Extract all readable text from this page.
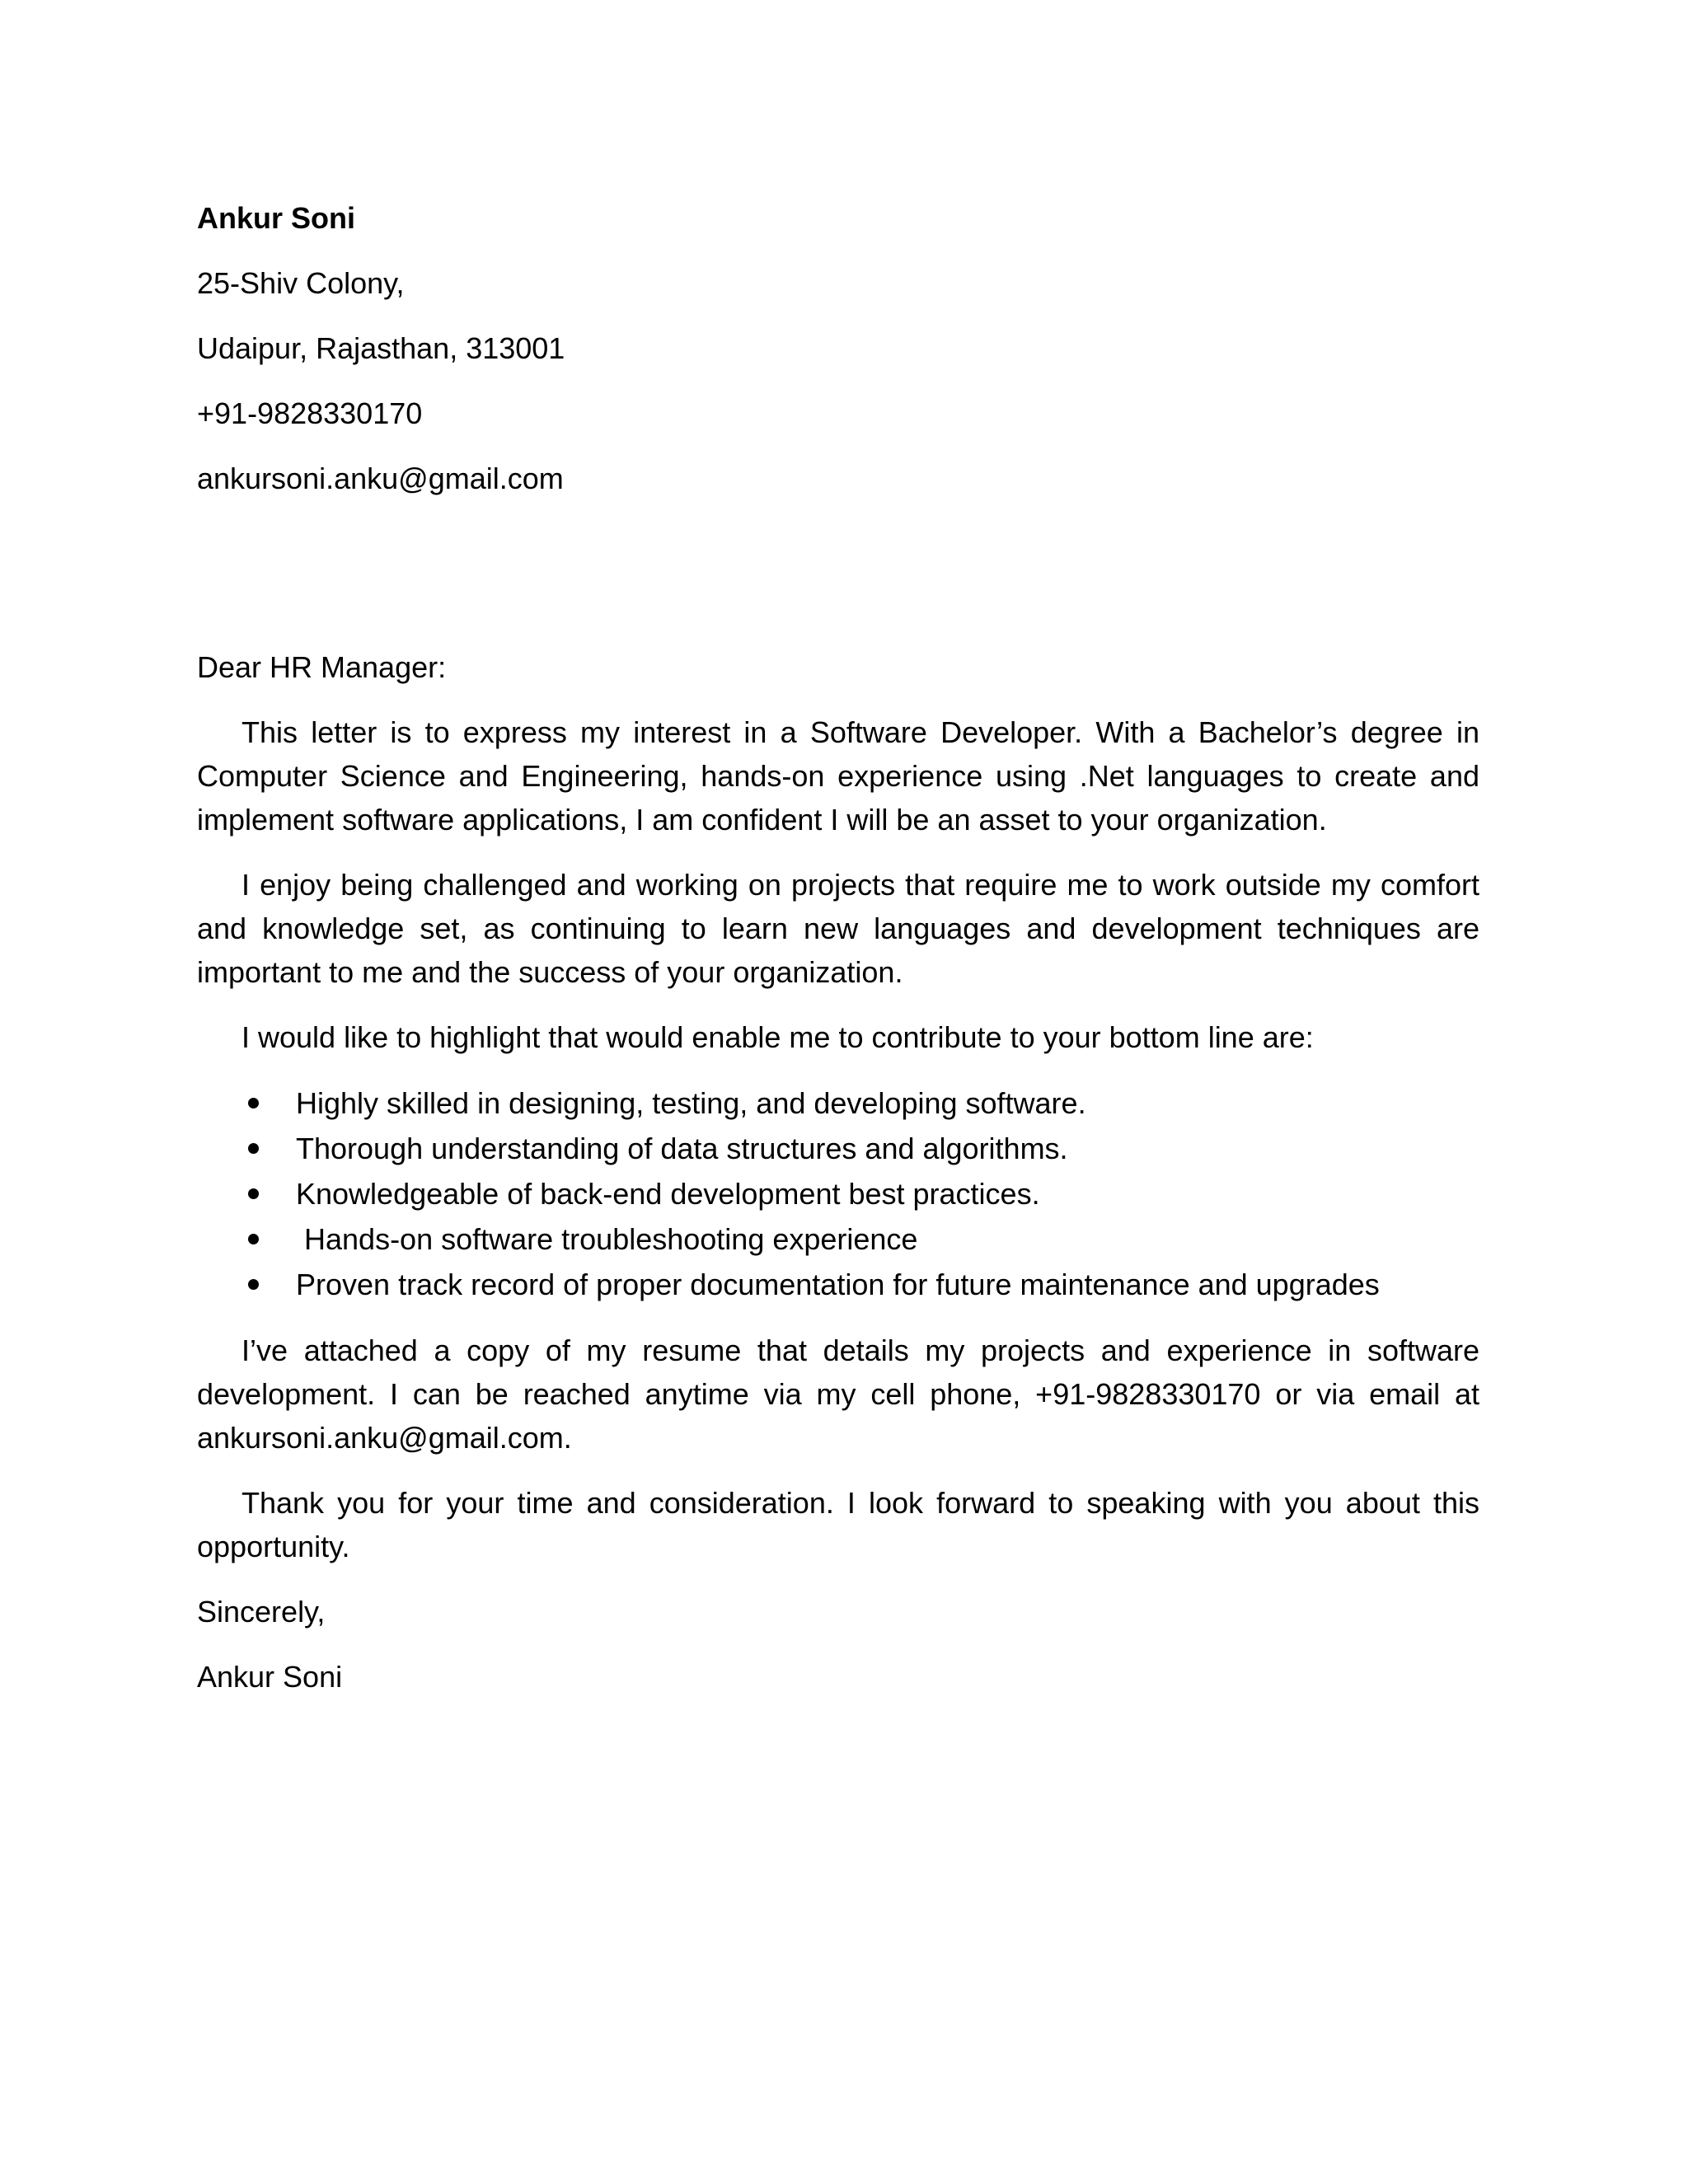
Ankur Soni
25-Shiv Colony,
Udaipur, Rajasthan, 313001
+91-9828330170
ankursoni.anku@gmail.com
Dear HR Manager:

This letter is to express my interest in a Software Developer. With a Bachelor’s degree in Computer Science and Engineering, hands-on experience using .Net languages to create and implement software applications, I am confident I will be an asset to your organization.

I enjoy being challenged and working on projects that require me to work outside my comfort and knowledge set, as continuing to learn new languages and development techniques are important to me and the success of your organization.

I would like to highlight that would enable me to contribute to your bottom line are:

Highly skilled in designing, testing, and developing software.
Thorough understanding of data structures and algorithms.
Knowledgeable of back-end development best practices.
Hands-on software troubleshooting experience
Proven track record of proper documentation for future maintenance and upgrades

I’ve attached a copy of my resume that details my projects and experience in software development. I can be reached anytime via my cell phone, +91-9828330170 or via email at ankursoni.anku@gmail.com.

Thank you for your time and consideration. I look forward to speaking with you about this opportunity.

Sincerely,
Ankur Soni
